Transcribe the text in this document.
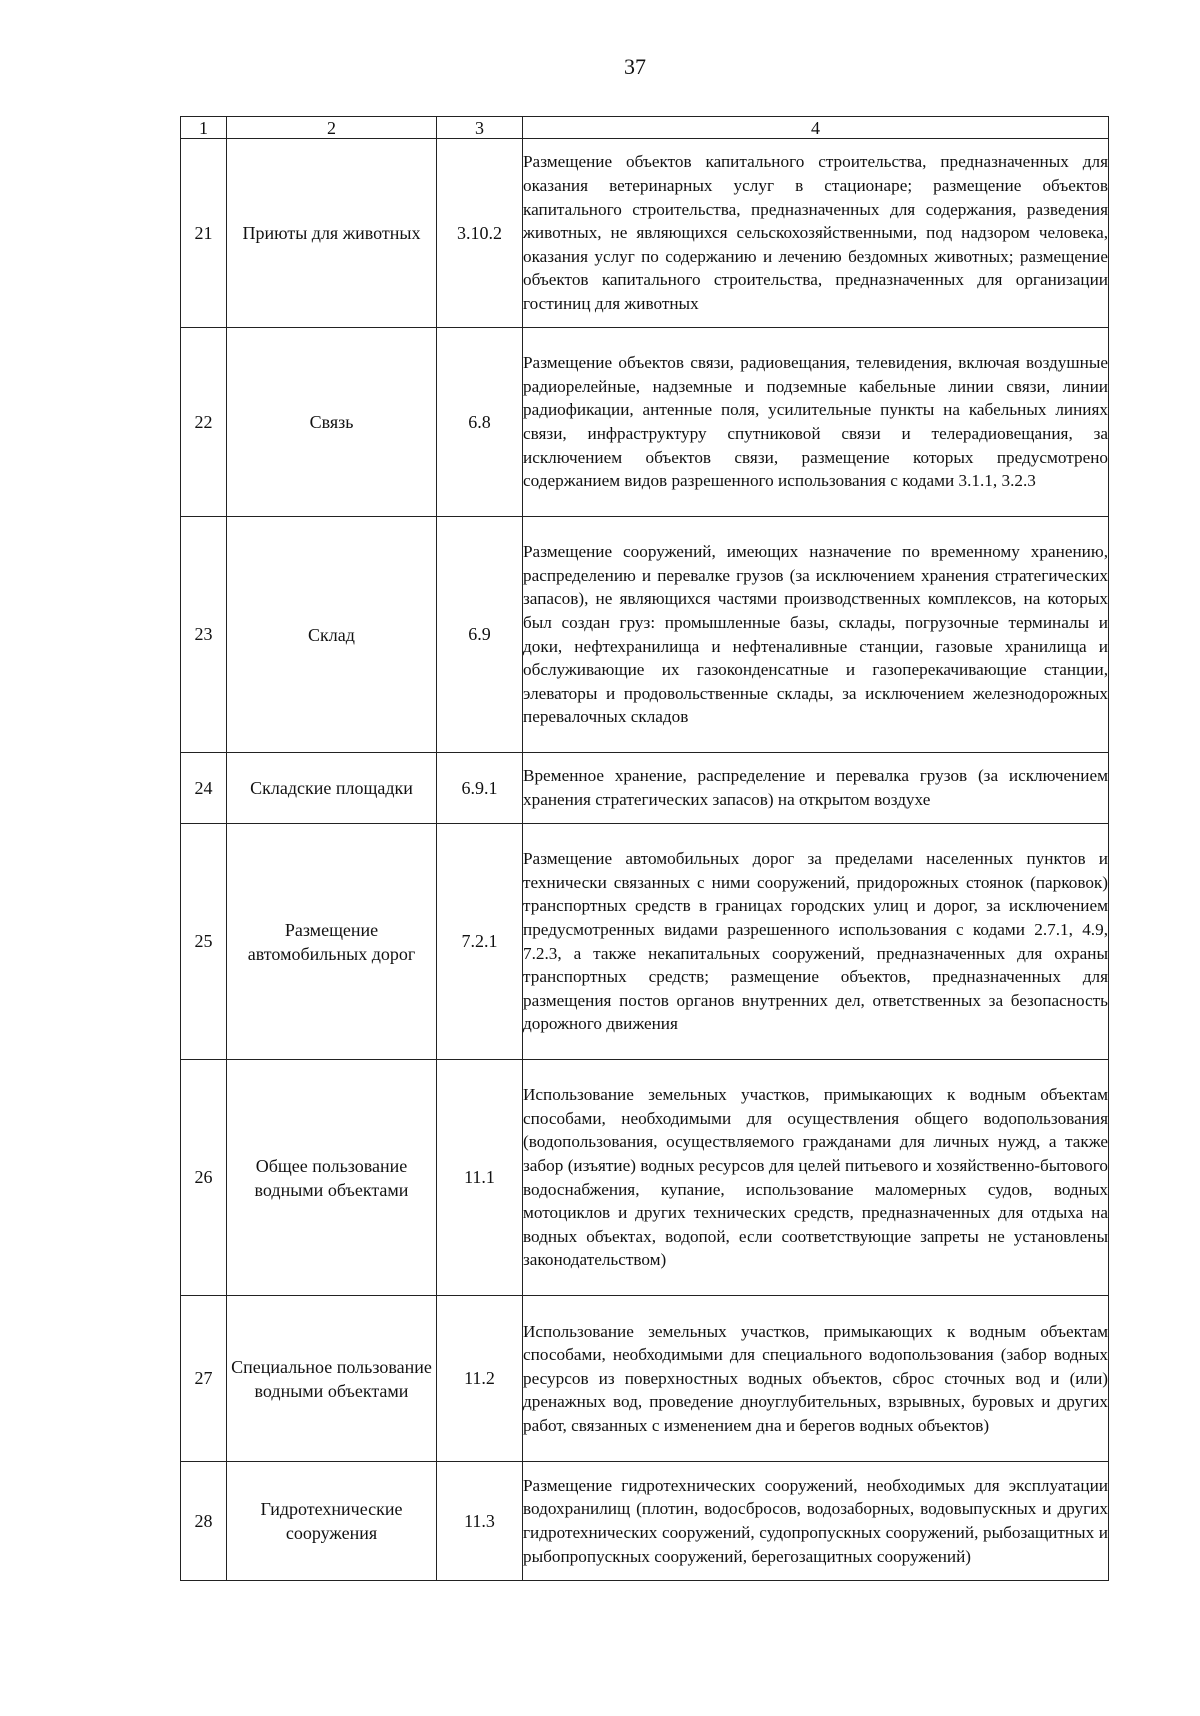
37
1	2	3	4
21	Приюты для животных	3.10.2	Размещение объектов капитального строительства, предназначенных для оказания ветеринарных услуг в стационаре; размещение объектов капитального строительства, предназначенных для содержания, разведения животных, не являющихся сельскохозяйственными, под надзором человека, оказания услуг по содержанию и лечению бездомных животных; размещение объектов капитального строительства, предназначенных для организации гостиниц для животных
22	Связь	6.8	Размещение объектов связи, радиовещания, телевидения, включая воздушные радиорелейные, надземные и подземные кабельные линии связи, линии радиофикации, антенные поля, усилительные пункты на кабельных линиях связи, инфраструктуру спутниковой связи и телерадиовещания, за исключением объектов связи, размещение которых предусмотрено содержанием видов разрешенного использования с кодами 3.1.1, 3.2.3
23	Склад	6.9	Размещение сооружений, имеющих назначение по временному хранению, распределению и перевалке грузов (за исключением хранения стратегических запасов), не являющихся частями производственных комплексов, на которых был создан груз: промышленные базы, склады, погрузочные терминалы и доки, нефтехранилища и нефтеналивные станции, газовые хранилища и обслуживающие их газоконденсатные и газоперекачивающие станции, элеваторы и продовольственные склады, за исключением железнодорожных перевалочных складов
24	Складские площадки	6.9.1	Временное хранение, распределение и перевалка грузов (за исключением хранения стратегических запасов) на открытом воздухе
25	Размещение автомобильных дорог	7.2.1	Размещение автомобильных дорог за пределами населенных пунктов и технически связанных с ними сооружений, придорожных стоянок (парковок) транспортных средств в границах городских улиц и дорог, за исключением предусмотренных видами разрешенного использования с кодами 2.7.1, 4.9, 7.2.3, а также некапитальных сооружений, предназначенных для охраны транспортных средств; размещение объектов, предназначенных для размещения постов органов внутренних дел, ответственных за безопасность дорожного движения
26	Общее пользование водными объектами	11.1	Использование земельных участков, примыкающих к водным объектам способами, необходимыми для осуществления общего водопользования (водопользования, осуществляемого гражданами для личных нужд, а также забор (изъятие) водных ресурсов для целей питьевого и хозяйственно-бытового водоснабжения, купание, использование маломерных судов, водных мотоциклов и других технических средств, предназначенных для отдыха на водных объектах, водопой, если соответствующие запреты не установлены законодательством)
27	Специальное пользование водными объектами	11.2	Использование земельных участков, примыкающих к водным объектам способами, необходимыми для специального водопользования (забор водных ресурсов из поверхностных водных объектов, сброс сточных вод и (или) дренажных вод, проведение дноуглубительных, взрывных, буровых и других работ, связанных с изменением дна и берегов водных объектов)
28	Гидротехнические сооружения	11.3	Размещение гидротехнических сооружений, необходимых для эксплуатации водохранилищ (плотин, водосбросов, водозаборных, водовыпускных и других гидротехнических сооружений, судопропускных сооружений, рыбозащитных и рыбопропускных сооружений, берегозащитных сооружений)
